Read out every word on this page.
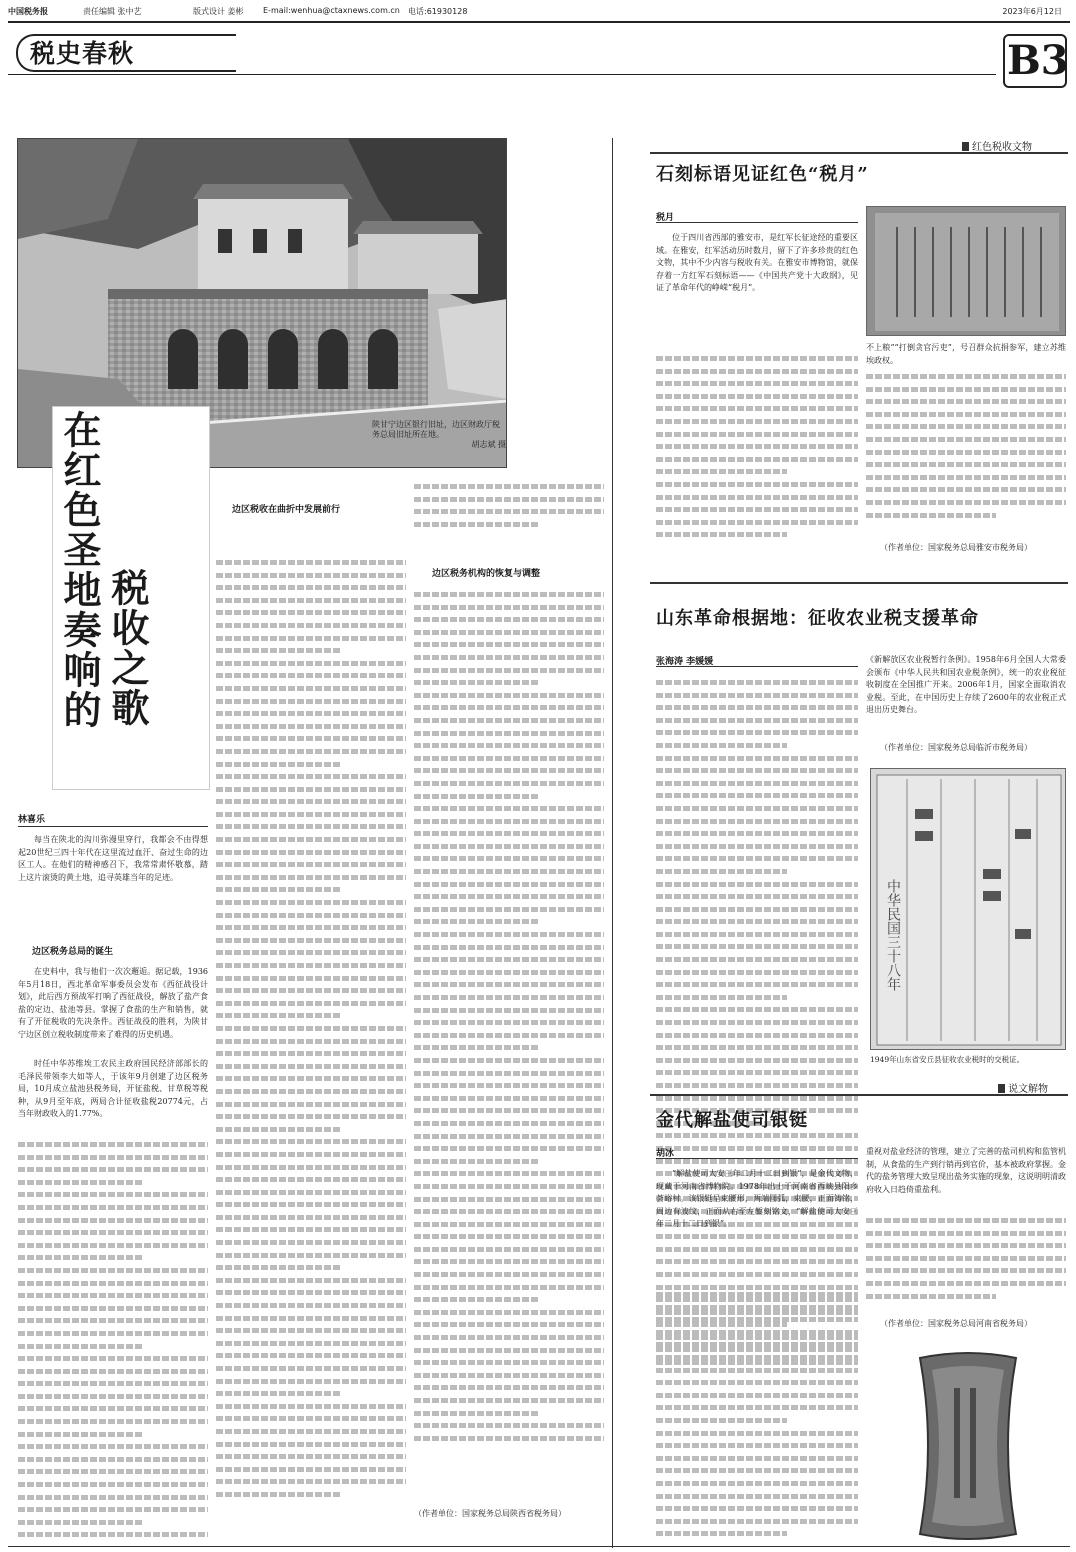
中国税务报	责任编辑 张中艺	版式设计 姜彬 E-mail:wenhua@ctaxnews.com.cn 电话:61930128	2023年6月12日
税史春秋	B3
陕甘宁边区银行旧址，边区财政厅税务总局旧址所在地。
胡志斌 摄
在红色圣地奏响的 税收之歌
林喜乐
每当在陕北的沟川弥漫里穿行，我都会不由得想起20世纪三四十年代在这里流过血汗、奋过生命的边区工人。在他们的精神感召下，我常常肃怀敬慕，踏上这片滚烫的黄土地，追寻英雄当年的足迹。
边区税务总局的诞生
在史料中，我与他们一次次邂逅。据记载，1936年5月18日，西北革命军事委员会发布《西征战役计划》，此后西方预战军打响了西征战役，解放了盐产食盐的定边、盐池等县。掌握了食盐的生产和销售，就有了开征税收的先决条件。西征战役的胜利，为陕甘宁边区创立税收制度带来了难得的历史机遇。
时任中华苏维埃工农民主政府国民经济部部长的毛泽民带领李大如等人，于该年9月创建了边区税务局，10月成立盐池县税务局，开征盐税、甘草税等税种，从9月至年底，两局合计征收盐税20774元，占当年财政收入的1.77%。
边区税收在曲折中发展前行
边区税务机构的恢复与调整
（作者单位：国家税务总局陕西省税务局）
红色税收文物
石刻标语见证红色“税月”
税月
位于四川省西部的雅安市，是红军长征途经的重要区域。在雅安，红军活动历时数月，留下了许多珍贵的红色文物，其中不少内容与税收有关。在雅安市博物馆，就保存着一方红军石刻标语——《中国共产党十大政纲》，见证了革命年代的峥嵘“税月”。
不上粮”“打倒贪官污吏”，号召群众抗捐参军，建立苏维埃政权。
（作者单位：国家税务总局雅安市税务局）
山东革命根据地：征收农业税支援革命
张海涛 李媛媛	《新解放区农业税暂行条例》。1958年6月全国人大常委会颁布《中华人民共和国农业税条例》，统一的农业税征收制度在全国推广开来。2006年1月，国家全面取消农业税。至此，在中国历史上存续了2600年的农业税正式退出历史舞台。
（作者单位：国家税务总局临沂市税务局）
中华民国三十八年
1949年山东省安丘县征收农业税时的交税证。
说文解物
金代解盐使司银铤
胡冰
“解盐使司大安三年二月十二日到银”，是金代文物，现藏于河南省博物院。1978年出土于河南省西峡县阳乡荟峪村。该银铤呈束腰形，两端圆弧，束腰，正面铸铭，周边有波纹，正面从右至左錾刻铭文，“解盐使司大安三年二月十二日到银”。
重视对盐业经济的管理，建立了完善的盐司机构和监管机制，从食盐的生产到行销再到官价，基本被政府掌握。金代的盐务管理大致呈现出盐务实施的现象，这说明明清政府收入日趋倚重盐利。
（作者单位：国家税务总局河南省税务局）
